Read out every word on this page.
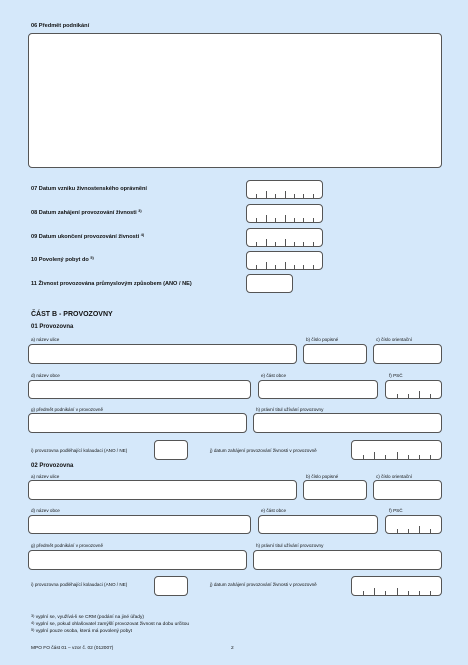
06 Předmět podnikání
07 Datum vzniku živnostenského oprávnění
08 Datum zahájení provozování živnosti $^{3)}$
09 Datum ukončení provozování živnosti $^{4)}$
10 Povolený pobyt do $^{5)}$
11 Živnost provozována průmyslovým způsobem (ANO / NE)
ČÁST B - PROVOZOVNY
01 Provozovna
a) název ulice	b) číslo popisné	c) číslo orientační
d) název obce	e) část obce	f) PSČ
g) předmět podnikání v provozovně	h) právní titul užívání provozovny
i) provozovna podléhající kolaudaci (ANO / NE)	j) datum zahájení provozování živnosti v provozovně
02 Provozovna
a) název ulice	b) číslo popisné	c) číslo orientační
d) název obce	e) část obce	f) PSČ
g) předmět podnikání v provozovně	h) právní titul užívání provozovny
i) provozovna podléhající kolaudaci (ANO / NE)	j) datum zahájení provozování živnosti v provozovně
$^{3)}$ vyplní se, využívá-li se CRM (podání na jiné úřady)
$^{4)}$ vyplní se, pokud ohlašovatel zamýšlí provozovat živnost na dobu určitou
$^{5)}$ vyplní pouze osoba, která má povolený pobyt
MPO FO část 01 – vzor č. 02 (012007)	2
